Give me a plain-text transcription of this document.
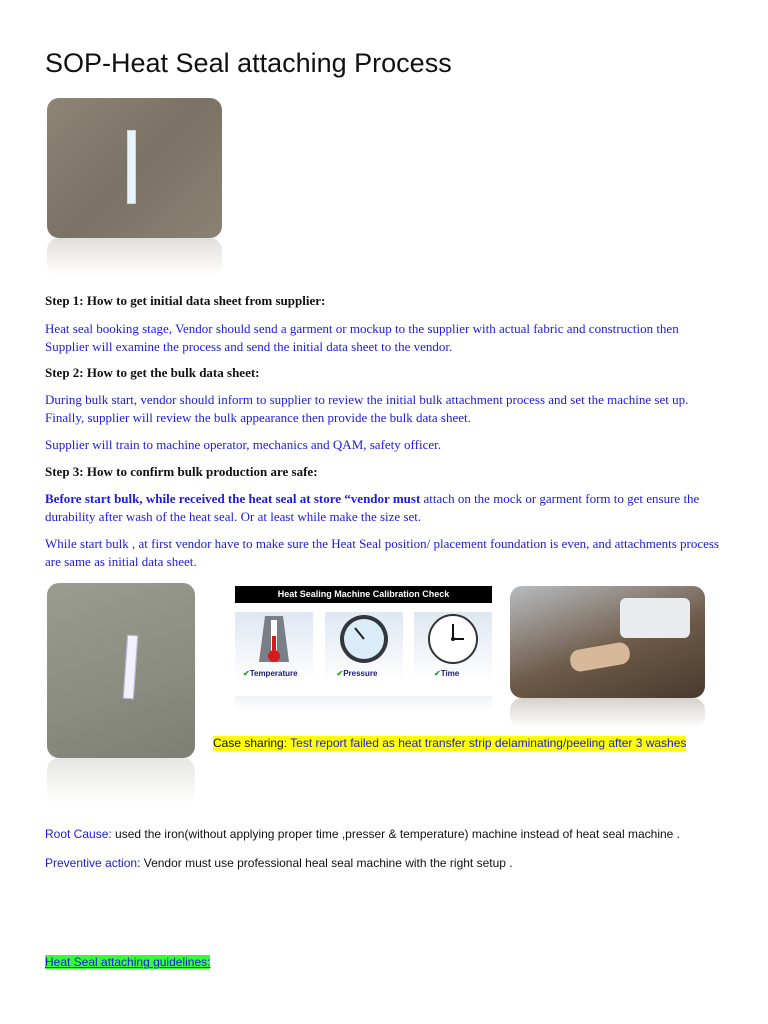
SOP-Heat Seal attaching Process
Step 1: How to get initial data sheet from supplier:
Heat seal booking stage, Vendor should send a garment or mockup to the supplier with actual fabric and construction then Supplier will examine the process and send the initial data sheet to the vendor.
Step 2: How to get the bulk data sheet:
During bulk start, vendor should inform to supplier to review the initial bulk attachment process and set the machine set up. Finally, supplier will review the bulk appearance then provide the bulk data sheet.
Supplier will train to machine operator, mechanics and QAM, safety officer.
Step 3: How to confirm bulk production are safe:
Before start bulk, while received the heat seal at store “vendor must attach on the mock or garment form to get ensure the durability after wash of the heat seal. Or at least while make the size set.
While start bulk , at first vendor have to make sure the Heat Seal position/ placement foundation is even, and attachments process are same as initial data sheet.
Heat Sealing Machine Calibration Check
✔Temperature	✔Pressure	✔Time
Case sharing: Test report failed as heat transfer strip delaminating/peeling after 3 washes
Root Cause: used the iron(without applying proper time ,presser & temperature) machine instead of heat seal machine .
Preventive action: Vendor must use professional heal seal machine with the right setup .
Heat Seal attaching guidelines:
